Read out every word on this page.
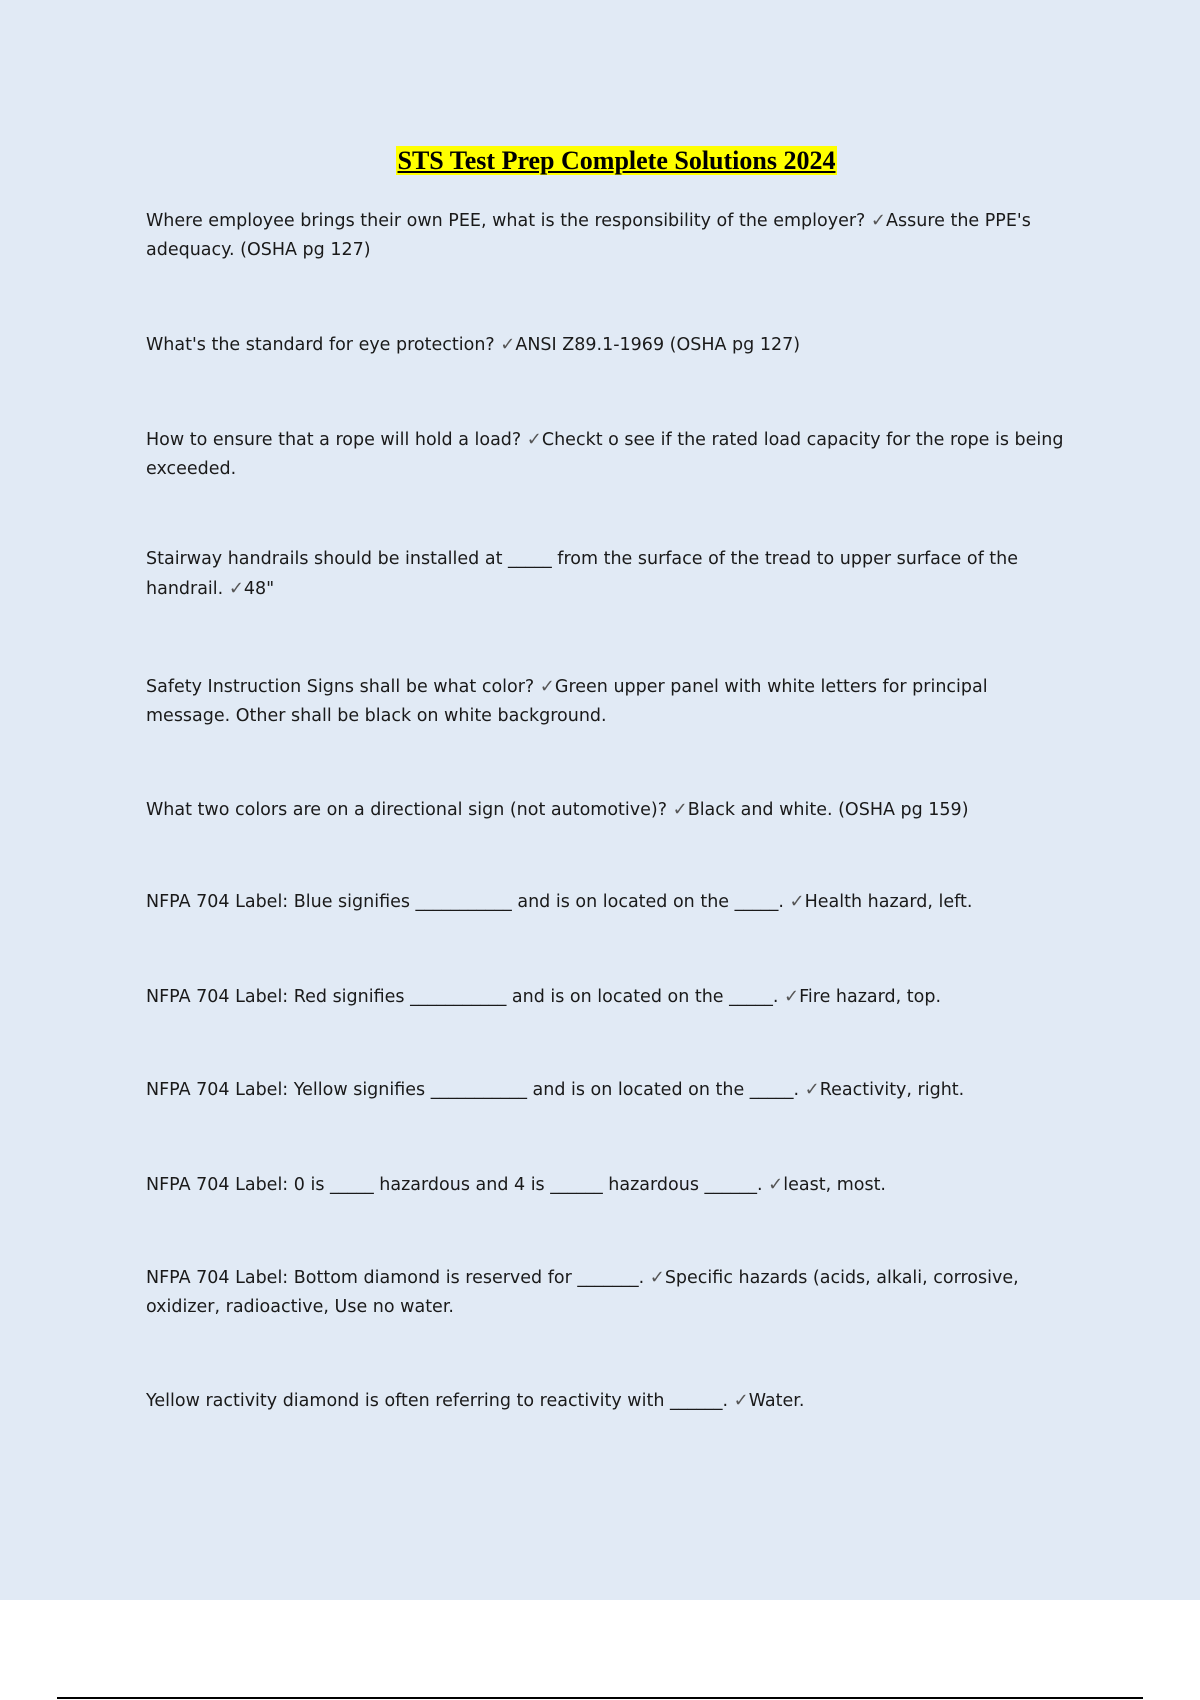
STS Test Prep Complete Solutions 2024

Where employee brings their own PEE, what is the responsibility of the employer? ✓Assure the PPE's adequacy. (OSHA pg 127)

What's the standard for eye protection? ✓ANSI Z89.1-1969 (OSHA pg 127)

How to ensure that a rope will hold a load? ✓Checkt o see if the rated load capacity for the rope is being exceeded.

Stairway handrails should be installed at _____ from the surface of the tread to upper surface of the handrail. ✓48"

Safety Instruction Signs shall be what color? ✓Green upper panel with white letters for principal message. Other shall be black on white background.

What two colors are on a directional sign (not automotive)? ✓Black and white. (OSHA pg 159)

NFPA 704 Label: Blue signifies ___________ and is on located on the _____. ✓Health hazard, left.

NFPA 704 Label: Red signifies ___________ and is on located on the _____. ✓Fire hazard, top.

NFPA 704 Label: Yellow signifies ___________ and is on located on the _____. ✓Reactivity, right.

NFPA 704 Label: 0 is _____ hazardous and 4 is ______ hazardous ______. ✓least, most.

NFPA 704 Label: Bottom diamond is reserved for _______. ✓Specific hazards (acids, alkali, corrosive, oxidizer, radioactive, Use no water.

Yellow ractivity diamond is often referring to reactivity with ______. ✓Water.
